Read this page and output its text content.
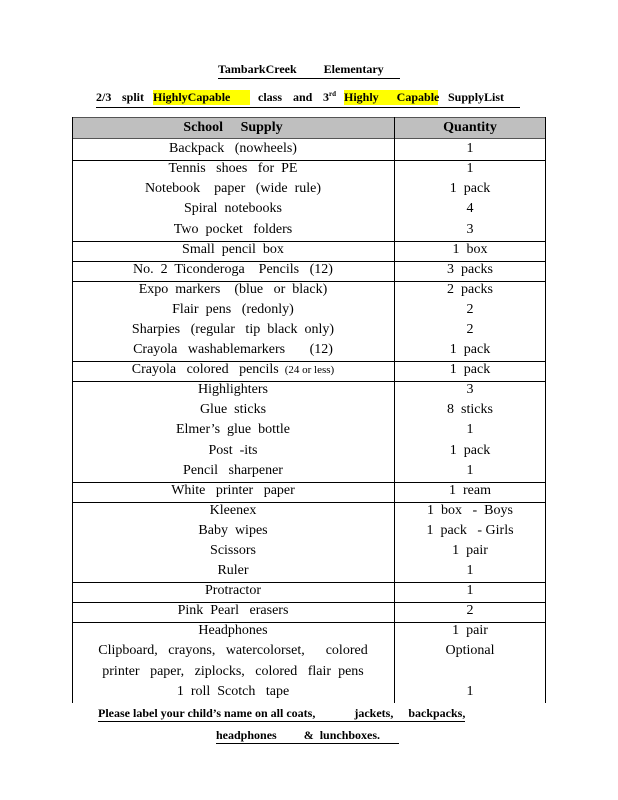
TambarkCreek         Elementary
2/3 split HighlyCapable	class and 3rd Highly      Capable SupplyList
School     Supply	Quantity
Backpack   (nowheels)	1
Tennis   shoes   for  PE	1
Notebook    paper   (wide  rule)	1  pack
Spiral  notebooks	4
Two  pocket   folders	3
Small  pencil  box	1  box
No.  2  Ticonderoga    Pencils   (12)	3  packs
Expo  markers    (blue   or  black)	2  packs
Flair  pens   (redonly)	2
Sharpies   (regular   tip  black  only)	2
Crayola   washablemarkers       (12)	1  pack
Crayola   colored   pencils (24 or less)	1  pack
Highlighters	3
Glue  sticks	8  sticks
Elmer’s  glue  bottle	1
Post  -its	1  pack
Pencil   sharpener	1
White   printer   paper	1  ream
Kleenex	1  box   -  Boys
Baby  wipes	1  pack   - Girls
Scissors	1  pair
Ruler	1
Protractor	1
Pink  Pearl   erasers	2
Headphones	1  pair
Clipboard,   crayons,   watercolorset,      colored	Optional
printer   paper,   ziplocks,   colored   flair  pens
1  roll  Scotch   tape	1
Please label your child’s name on all coats,             jackets,     backpacks,
headphones         &  lunchboxes.
